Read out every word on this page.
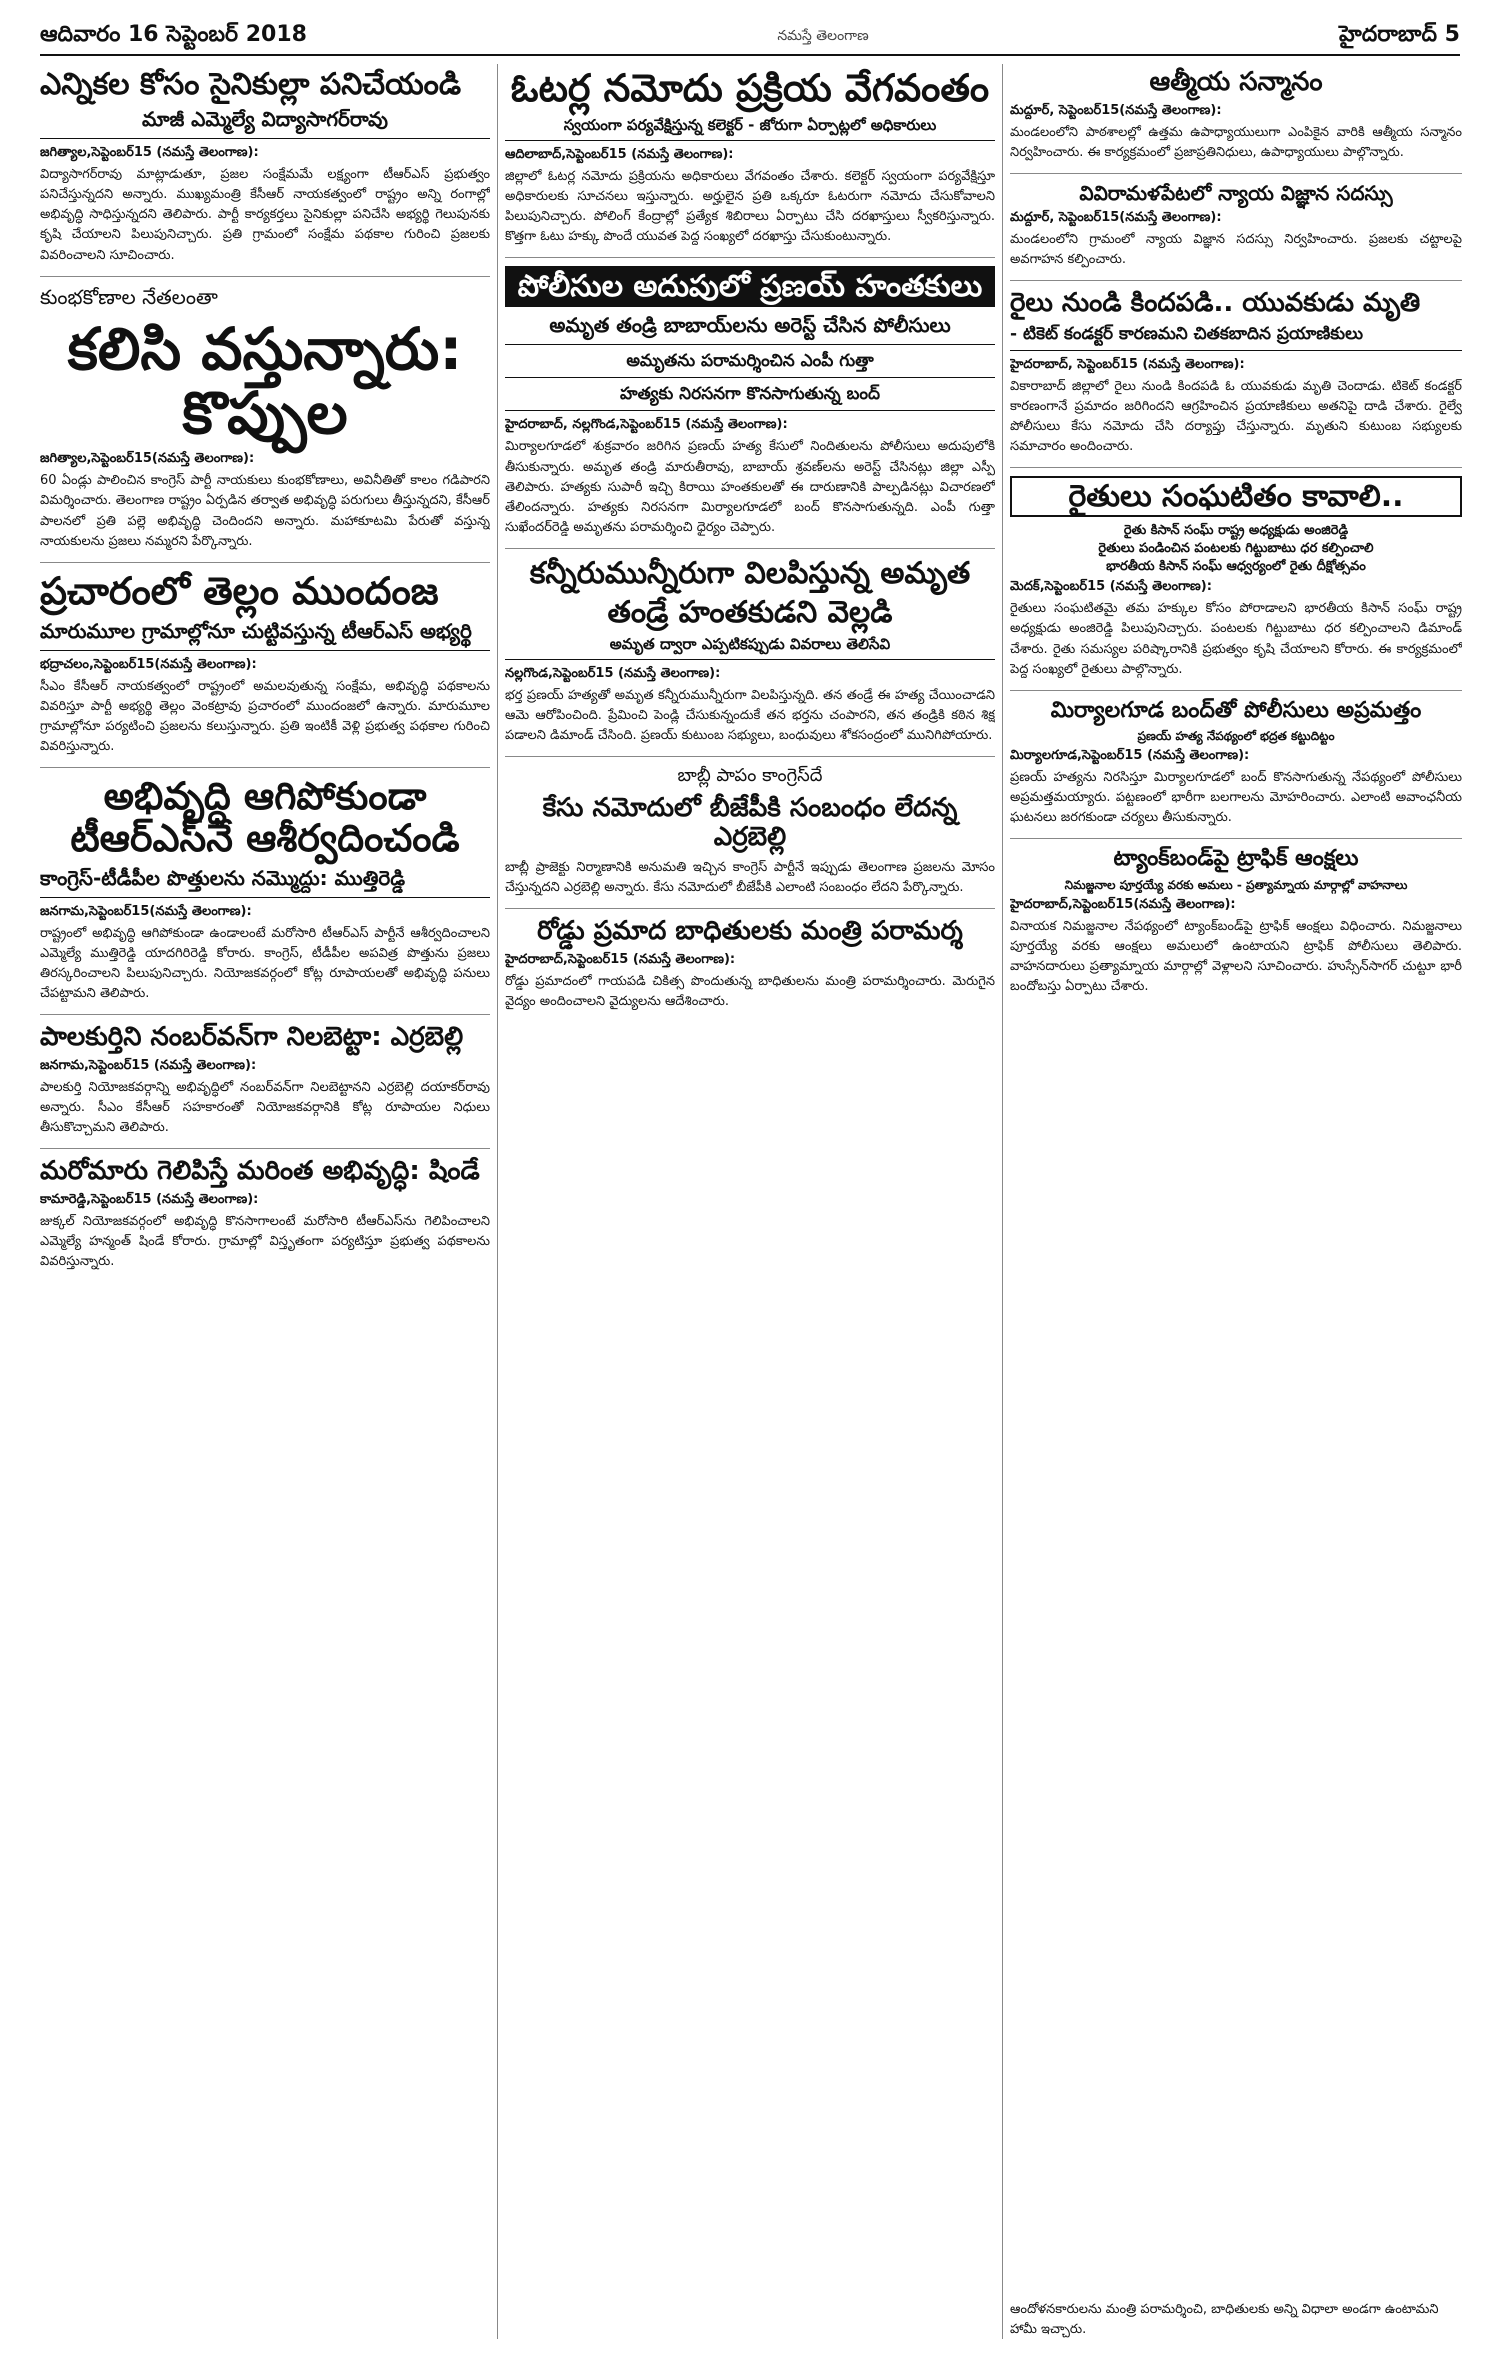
ఆదివారం 16 సెప్టెంబర్ 2018	నమస్తే తెలంగాణ	హైదరాబాద్ 5
ఎన్నికల కోసం సైనికుల్లా పనిచేయండి
మాజీ ఎమ్మెల్యే విద్యాసాగర్‌రావు
జగిత్యాల,సెప్టెంబర్15 (నమస్తే తెలంగాణ):
విద్యాసాగర్‌రావు మాట్లాడుతూ, ప్రజల సంక్షేమమే లక్ష్యంగా టీఆర్‌ఎస్ ప్రభుత్వం పనిచేస్తున్నదని అన్నారు. ముఖ్యమంత్రి కేసీఆర్ నాయకత్వంలో రాష్ట్రం అన్ని రంగాల్లో అభివృద్ధి సాధిస్తున్నదని తెలిపారు. పార్టీ కార్యకర్తలు సైనికుల్లా పనిచేసి అభ్యర్థి గెలుపునకు కృషి చేయాలని పిలుపునిచ్చారు. ప్రతి గ్రామంలో సంక్షేమ పథకాల గురించి ప్రజలకు వివరించాలని సూచించారు.
కుంభకోణాల నేతలంతా
కలిసి వస్తున్నారు: కొప్పుల
జగిత్యాల,సెప్టెంబర్15(నమస్తే తెలంగాణ):
60 ఏండ్లు పాలించిన కాంగ్రెస్ పార్టీ నాయకులు కుంభకోణాలు, అవినీతితో కాలం గడిపారని విమర్శించారు. తెలంగాణ రాష్ట్రం ఏర్పడిన తర్వాత అభివృద్ధి పరుగులు తీస్తున్నదని, కేసీఆర్ పాలనలో ప్రతి పల్లె అభివృద్ధి చెందిందని అన్నారు. మహాకూటమి పేరుతో వస్తున్న నాయకులను ప్రజలు నమ్మరని పేర్కొన్నారు.
ప్రచారంలో తెల్లం ముందంజ
మారుమూల గ్రామాల్లోనూ చుట్టివస్తున్న టీఆర్‌ఎస్ అభ్యర్థి
భద్రాచలం,సెప్టెంబర్15(నమస్తే తెలంగాణ):
సీఎం కేసీఆర్ నాయకత్వంలో రాష్ట్రంలో అమలవుతున్న సంక్షేమ, అభివృద్ధి పథకాలను వివరిస్తూ పార్టీ అభ్యర్థి తెల్లం వెంకట్రావు ప్రచారంలో ముందంజలో ఉన్నారు. మారుమూల గ్రామాల్లోనూ పర్యటించి ప్రజలను కలుస్తున్నారు. ప్రతి ఇంటికీ వెళ్లి ప్రభుత్వ పథకాల గురించి వివరిస్తున్నారు.
అభివృద్ధి ఆగిపోకుండా టీఆర్‌ఎస్‌నే ఆశీర్వదించండి
కాంగ్రెస్-టీడీపీల పొత్తులను నమ్మొద్దు: ముత్తిరెడ్డి
జనగామ,సెప్టెంబర్15(నమస్తే తెలంగాణ):
రాష్ట్రంలో అభివృద్ధి ఆగిపోకుండా ఉండాలంటే మరోసారి టీఆర్‌ఎస్ పార్టీనే ఆశీర్వదించాలని ఎమ్మెల్యే ముత్తిరెడ్డి యాదగిరిరెడ్డి కోరారు. కాంగ్రెస్, టీడీపీల అపవిత్ర పొత్తును ప్రజలు తిరస్కరించాలని పిలుపునిచ్చారు. నియోజకవర్గంలో కోట్ల రూపాయలతో అభివృద్ధి పనులు చేపట్టామని తెలిపారు.
పాలకుర్తిని నంబర్‌వన్‌గా నిలబెట్టా: ఎర్రబెల్లి
జనగామ,సెప్టెంబర్15 (నమస్తే తెలంగాణ):
పాలకుర్తి నియోజకవర్గాన్ని అభివృద్ధిలో నంబర్‌వన్‌గా నిలబెట్టానని ఎర్రబెల్లి దయాకర్‌రావు అన్నారు. సీఎం కేసీఆర్ సహకారంతో నియోజకవర్గానికి కోట్ల రూపాయల నిధులు తీసుకొచ్చామని తెలిపారు.
మరోమారు గెలిపిస్తే మరింత అభివృద్ధి: షిండే
కామారెడ్డి,సెప్టెంబర్15 (నమస్తే తెలంగాణ):
జుక్కల్ నియోజకవర్గంలో అభివృద్ధి కొనసాగాలంటే మరోసారి టీఆర్‌ఎస్‌ను గెలిపించాలని ఎమ్మెల్యే హన్మంత్ షిండే కోరారు. గ్రామాల్లో విస్తృతంగా పర్యటిస్తూ ప్రభుత్వ పథకాలను వివరిస్తున్నారు.
ఓటర్ల నమోదు ప్రక్రియ వేగవంతం
స్వయంగా పర్యవేక్షిస్తున్న కలెక్టర్ - జోరుగా ఏర్పాట్లలో అధికారులు
ఆదిలాబాద్,సెప్టెంబర్15 (నమస్తే తెలంగాణ):
జిల్లాలో ఓటర్ల నమోదు ప్రక్రియను అధికారులు వేగవంతం చేశారు. కలెక్టర్ స్వయంగా పర్యవేక్షిస్తూ అధికారులకు సూచనలు ఇస్తున్నారు. అర్హులైన ప్రతి ఒక్కరూ ఓటరుగా నమోదు చేసుకోవాలని పిలుపునిచ్చారు. పోలింగ్ కేంద్రాల్లో ప్రత్యేక శిబిరాలు ఏర్పాటు చేసి దరఖాస్తులు స్వీకరిస్తున్నారు. కొత్తగా ఓటు హక్కు పొందే యువత పెద్ద సంఖ్యలో దరఖాస్తు చేసుకుంటున్నారు.
పోలీసుల అదుపులో ప్రణయ్ హంతకులు
అమృత తండ్రి బాబాయ్‌లను అరెస్ట్ చేసిన పోలీసులు
అమృతను పరామర్శించిన ఎంపీ గుత్తా
హత్యకు నిరసనగా కొనసాగుతున్న బంద్
హైదరాబాద్, నల్లగొండ,సెప్టెంబర్15 (నమస్తే తెలంగాణ):
మిర్యాలగూడలో శుక్రవారం జరిగిన ప్రణయ్ హత్య కేసులో నిందితులను పోలీసులు అదుపులోకి తీసుకున్నారు. అమృత తండ్రి మారుతీరావు, బాబాయ్ శ్రవణ్‌లను అరెస్ట్ చేసినట్లు జిల్లా ఎస్పీ తెలిపారు. హత్యకు సుపారీ ఇచ్చి కిరాయి హంతకులతో ఈ దారుణానికి పాల్పడినట్లు విచారణలో తేలిందన్నారు. హత్యకు నిరసనగా మిర్యాలగూడలో బంద్ కొనసాగుతున్నది. ఎంపీ గుత్తా సుఖేందర్‌రెడ్డి అమృతను పరామర్శించి ధైర్యం చెప్పారు.
కన్నీరుమున్నీరుగా విలపిస్తున్న అమృత
తండ్రే హంతకుడని వెల్లడి
అమృత ద్వారా ఎప్పటికప్పుడు వివరాలు తెలిసేవి
నల్లగొండ,సెప్టెంబర్15 (నమస్తే తెలంగాణ):
భర్త ప్రణయ్ హత్యతో అమృత కన్నీరుమున్నీరుగా విలపిస్తున్నది. తన తండ్రే ఈ హత్య చేయించాడని ఆమె ఆరోపించింది. ప్రేమించి పెండ్లి చేసుకున్నందుకే తన భర్తను చంపారని, తన తండ్రికి కఠిన శిక్ష పడాలని డిమాండ్ చేసింది. ప్రణయ్ కుటుంబ సభ్యులు, బంధువులు శోకసంద్రంలో మునిగిపోయారు.
బాబ్లీ పాపం కాంగ్రెస్‌దే
కేసు నమోదులో బీజేపీకి సంబంధం లేదన్న ఎర్రబెల్లి
బాబ్లీ ప్రాజెక్టు నిర్మాణానికి అనుమతి ఇచ్చిన కాంగ్రెస్ పార్టీనే ఇప్పుడు తెలంగాణ ప్రజలను మోసం చేస్తున్నదని ఎర్రబెల్లి అన్నారు. కేసు నమోదులో బీజేపీకి ఎలాంటి సంబంధం లేదని పేర్కొన్నారు.
రోడ్డు ప్రమాద బాధితులకు మంత్రి పరామర్శ
హైదరాబాద్,సెప్టెంబర్15 (నమస్తే తెలంగాణ):
రోడ్డు ప్రమాదంలో గాయపడి చికిత్స పొందుతున్న బాధితులను మంత్రి పరామర్శించారు. మెరుగైన వైద్యం అందించాలని వైద్యులను ఆదేశించారు.
ఆత్మీయ సన్మానం
మద్దూర్, సెప్టెంబర్15(నమస్తే తెలంగాణ):
మండలంలోని పాఠశాలల్లో ఉత్తమ ఉపాధ్యాయులుగా ఎంపికైన వారికి ఆత్మీయ సన్మానం నిర్వహించారు. ఈ కార్యక్రమంలో ప్రజాప్రతినిధులు, ఉపాధ్యాయులు పాల్గొన్నారు.
వివిరామళపేటలో న్యాయ విజ్ఞాన సదస్సు
మద్దూర్, సెప్టెంబర్15(నమస్తే తెలంగాణ):
మండలంలోని గ్రామంలో న్యాయ విజ్ఞాన సదస్సు నిర్వహించారు. ప్రజలకు చట్టాలపై అవగాహన కల్పించారు.
రైలు నుండి కిందపడి.. యువకుడు మృతి
- టికెట్ కండక్టర్ కారణమని చితకబాదిన ప్రయాణికులు
హైదరాబాద్, సెప్టెంబర్15 (నమస్తే తెలంగాణ):
వికారాబాద్ జిల్లాలో రైలు నుండి కిందపడి ఓ యువకుడు మృతి చెందాడు. టికెట్ కండక్టర్ కారణంగానే ప్రమాదం జరిగిందని ఆగ్రహించిన ప్రయాణికులు అతనిపై దాడి చేశారు. రైల్వే పోలీసులు కేసు నమోదు చేసి దర్యాప్తు చేస్తున్నారు. మృతుని కుటుంబ సభ్యులకు సమాచారం అందించారు.
రైతులు సంఘటితం కావాలి..
రైతు కిసాన్ సంఘ్ రాష్ట్ర అధ్యక్షుడు అంజిరెడ్డి
రైతులు పండించిన పంటలకు గిట్టుబాటు ధర కల్పించాలి
భారతీయ కిసాన్ సంఘ్ ఆధ్వర్యంలో రైతు దీక్షోత్సవం
మెదక్,సెప్టెంబర్15 (నమస్తే తెలంగాణ):
రైతులు సంఘటితమై తమ హక్కుల కోసం పోరాడాలని భారతీయ కిసాన్ సంఘ్ రాష్ట్ర అధ్యక్షుడు అంజిరెడ్డి పిలుపునిచ్చారు. పంటలకు గిట్టుబాటు ధర కల్పించాలని డిమాండ్ చేశారు. రైతు సమస్యల పరిష్కారానికి ప్రభుత్వం కృషి చేయాలని కోరారు. ఈ కార్యక్రమంలో పెద్ద సంఖ్యలో రైతులు పాల్గొన్నారు.
మిర్యాలగూడ బంద్‌తో పోలీసులు అప్రమత్తం
ప్రణయ్ హత్య నేపథ్యంలో భద్రత కట్టుదిట్టం
మిర్యాలగూడ,సెప్టెంబర్15 (నమస్తే తెలంగాణ):
ప్రణయ్ హత్యను నిరసిస్తూ మిర్యాలగూడలో బంద్ కొనసాగుతున్న నేపథ్యంలో పోలీసులు అప్రమత్తమయ్యారు. పట్టణంలో భారీగా బలగాలను మోహరించారు. ఎలాంటి అవాంఛనీయ ఘటనలు జరగకుండా చర్యలు తీసుకున్నారు.
ట్యాంక్‌బండ్‌పై ట్రాఫిక్ ఆంక్షలు
నిమజ్జనాల పూర్తయ్యే వరకు అమలు - ప్రత్యామ్నాయ మార్గాల్లో వాహనాలు
హైదరాబాద్,సెప్టెంబర్15(నమస్తే తెలంగాణ):
వినాయక నిమజ్జనాల నేపథ్యంలో ట్యాంక్‌బండ్‌పై ట్రాఫిక్ ఆంక్షలు విధించారు. నిమజ్జనాలు పూర్తయ్యే వరకు ఆంక్షలు అమలులో ఉంటాయని ట్రాఫిక్ పోలీసులు తెలిపారు. వాహనదారులు ప్రత్యామ్నాయ మార్గాల్లో వెళ్లాలని సూచించారు. హుస్సేన్‌సాగర్ చుట్టూ భారీ బందోబస్తు ఏర్పాటు చేశారు.
ఆందోళనకారులను మంత్రి పరామర్శించి, బాధితులకు అన్ని విధాలా అండగా ఉంటామని హామీ ఇచ్చారు.
